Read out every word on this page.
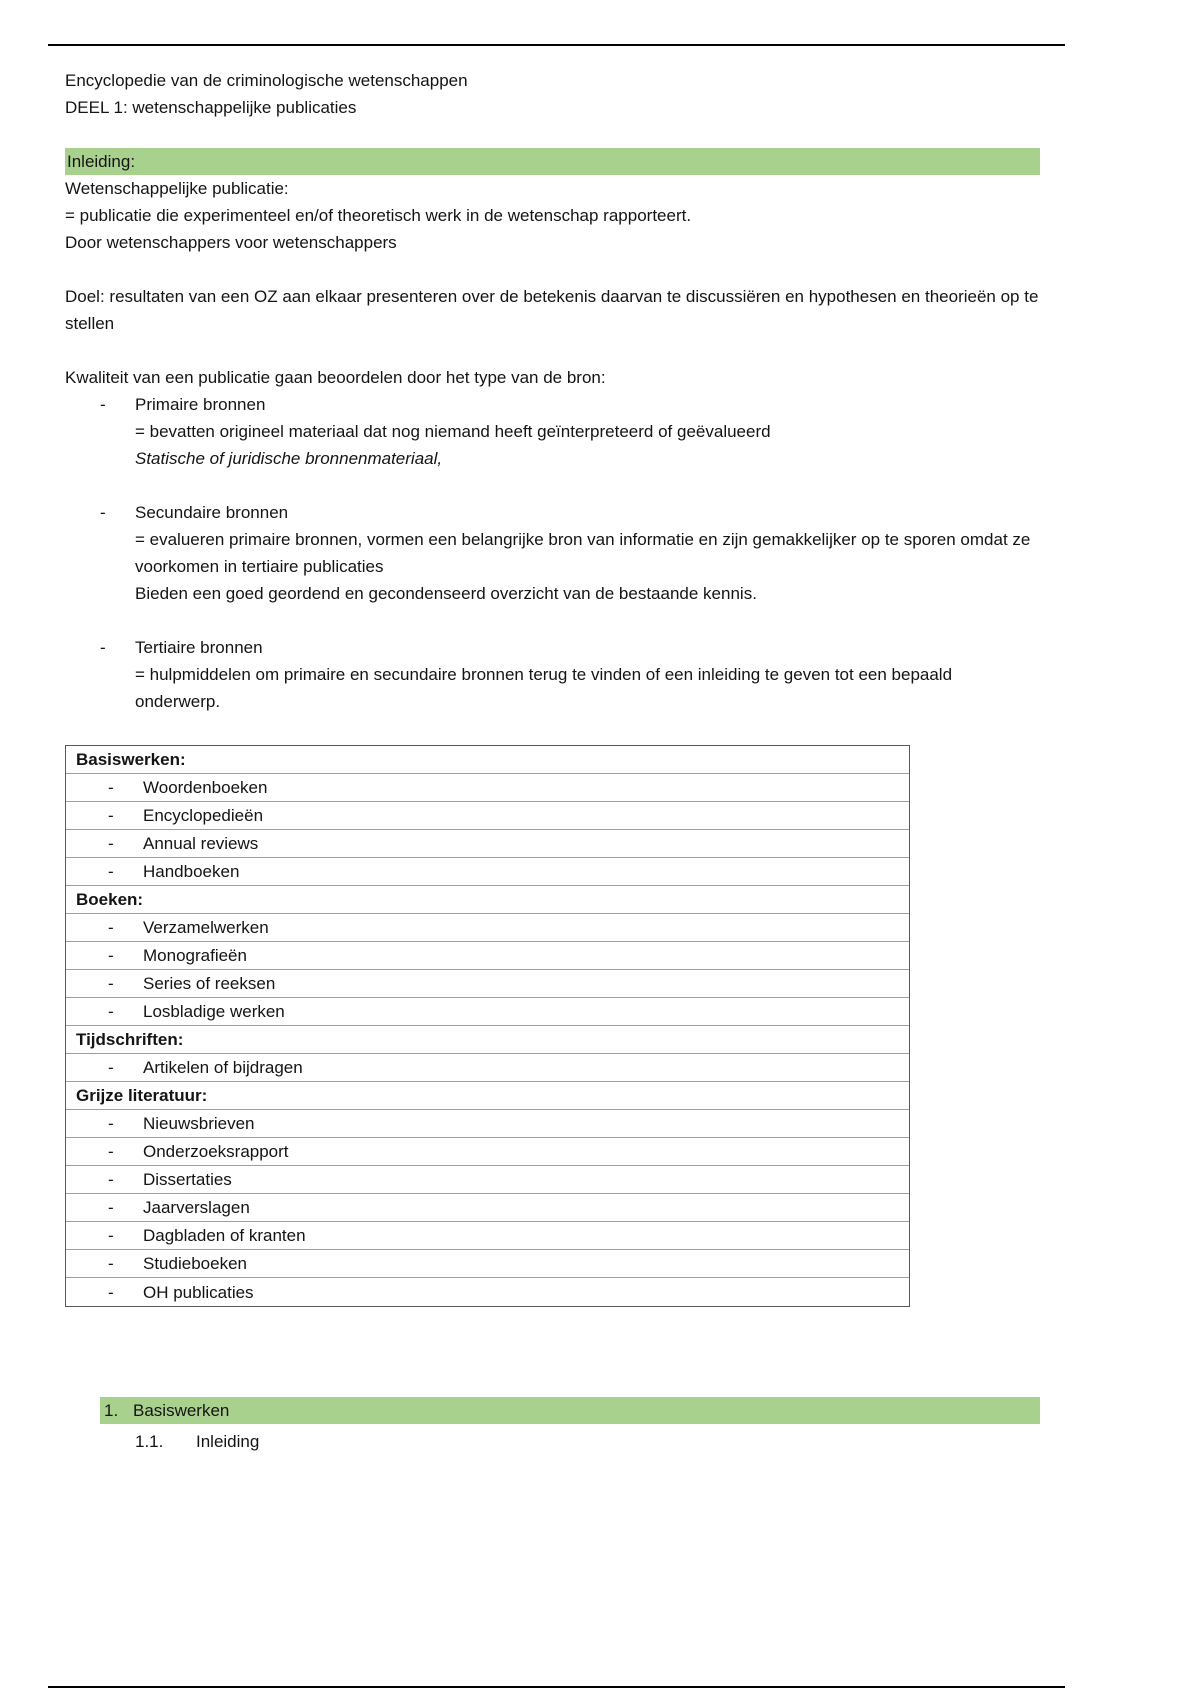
Encyclopedie van de criminologische wetenschappen
DEEL 1: wetenschappelijke publicaties
Inleiding:
Wetenschappelijke publicatie:
= publicatie die experimenteel en/of theoretisch werk in de wetenschap rapporteert.
Door wetenschappers voor wetenschappers
Doel: resultaten van een OZ aan elkaar presenteren over de betekenis daarvan te discussiëren en hypothesen en theorieën op te stellen
Kwaliteit van een publicatie gaan beoordelen door het type van de bron:
-	Primaire bronnen
= bevatten origineel materiaal dat nog niemand heeft geïnterpreteerd of geëvalueerd
Statische of juridische bronnenmateriaal,
-	Secundaire bronnen
= evalueren primaire bronnen, vormen een belangrijke bron van informatie en zijn gemakkelijker op te sporen omdat ze voorkomen in tertiaire publicaties
Bieden een goed geordend en gecondenseerd overzicht van de bestaande kennis.
-	Tertiaire bronnen
= hulpmiddelen om primaire en secundaire bronnen terug te vinden of een inleiding te geven tot een bepaald onderwerp.
Basiswerken:
-	Woordenboeken
-	Encyclopedieën
-	Annual reviews
-	Handboeken
Boeken:
-	Verzamelwerken
-	Monografieën
-	Series of reeksen
-	Losbladige werken
Tijdschriften:
-	Artikelen of bijdragen
Grijze literatuur:
-	Nieuwsbrieven
-	Onderzoeksrapport
-	Dissertaties
-	Jaarverslagen
-	Dagbladen of kranten
-	Studieboeken
-	OH publicaties
1. Basiswerken
1.1.	Inleiding
